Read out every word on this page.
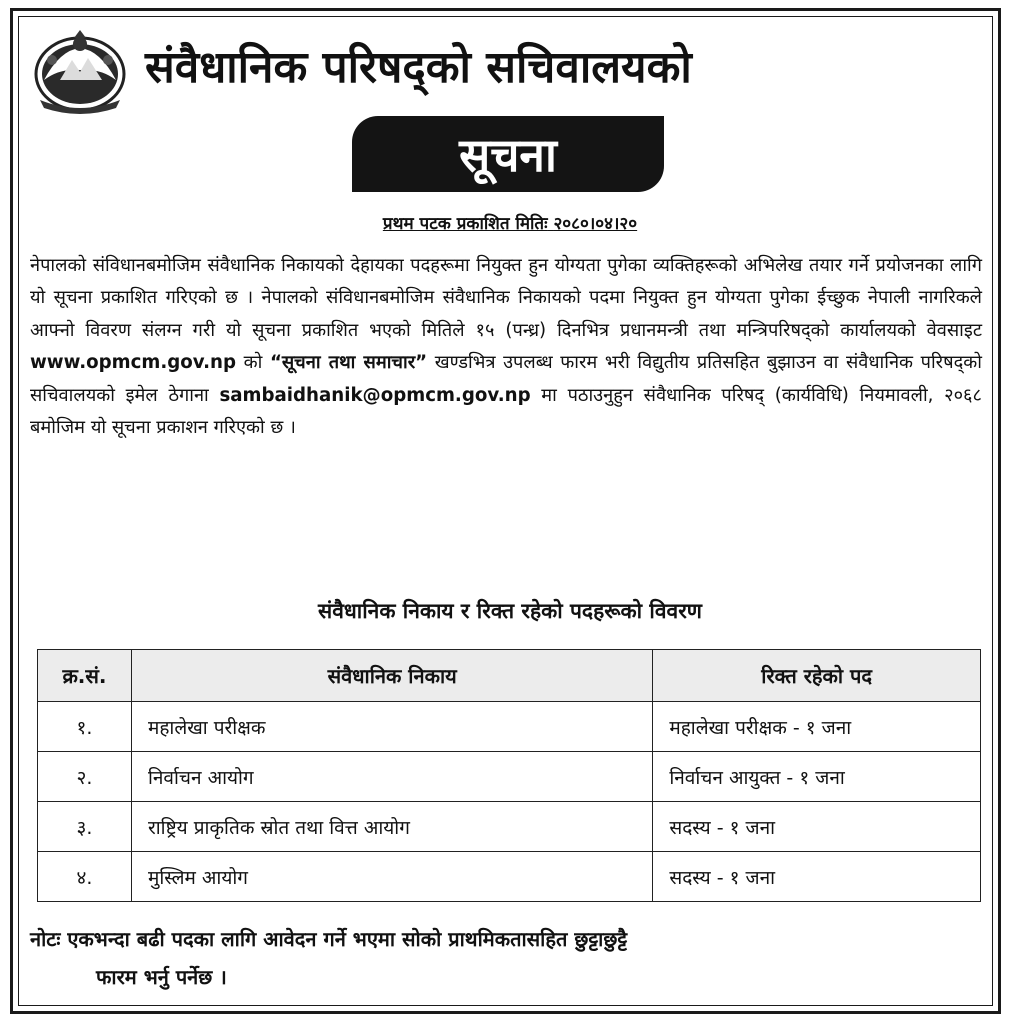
संवैधानिक परिषद्को सचिवालयको
सूचना
प्रथम पटक प्रकाशित मितिः २०८०।०४।२०
नेपालको संविधानबमोजिम संवैधानिक निकायको देहायका पदहरूमा नियुक्त हुन योग्यता पुगेका व्यक्तिहरूको अभिलेख तयार गर्ने प्रयोजनका लागि यो सूचना प्रकाशित गरिएको छ । नेपालको संविधानबमोजिम संवैधानिक निकायको पदमा नियुक्त हुन योग्यता पुगेका ईच्छुक नेपाली नागरिकले आफ्नो विवरण संलग्न गरी यो सूचना प्रकाशित भएको मितिले १५ (पन्ध्र) दिनभित्र प्रधानमन्त्री तथा मन्त्रिपरिषद्को कार्यालयको वेवसाइट www.opmcm.gov.np को “सूचना तथा समाचार” खण्डभित्र उपलब्ध फारम भरी विद्युतीय प्रतिसहित बुझाउन वा संवैधानिक परिषद्को सचिवालयको इमेल ठेगाना sambaidhanik@opmcm.gov.np मा पठाउनुहुन संवैधानिक परिषद् (कार्यविधि) नियमावली, २०६८ बमोजिम यो सूचना प्रकाशन गरिएको छ ।
संवैधानिक निकाय र रिक्त रहेको पदहरूको विवरण
क्र.सं.	संवैधानिक निकाय	रिक्त रहेको पद
१.	महालेखा परीक्षक	महालेखा परीक्षक - १ जना
२.	निर्वाचन आयोग	निर्वाचन आयुक्त - १ जना
३.	राष्ट्रिय प्राकृतिक स्रोत तथा वित्त आयोग	सदस्य - १ जना
४.	मुस्लिम आयोग	सदस्य - १ जना
नोटः एकभन्दा बढी पदका लागि आवेदन गर्ने भएमा सोको प्राथमिकतासहित छुट्टाछुट्टै
फारम भर्नु पर्नेछ ।
